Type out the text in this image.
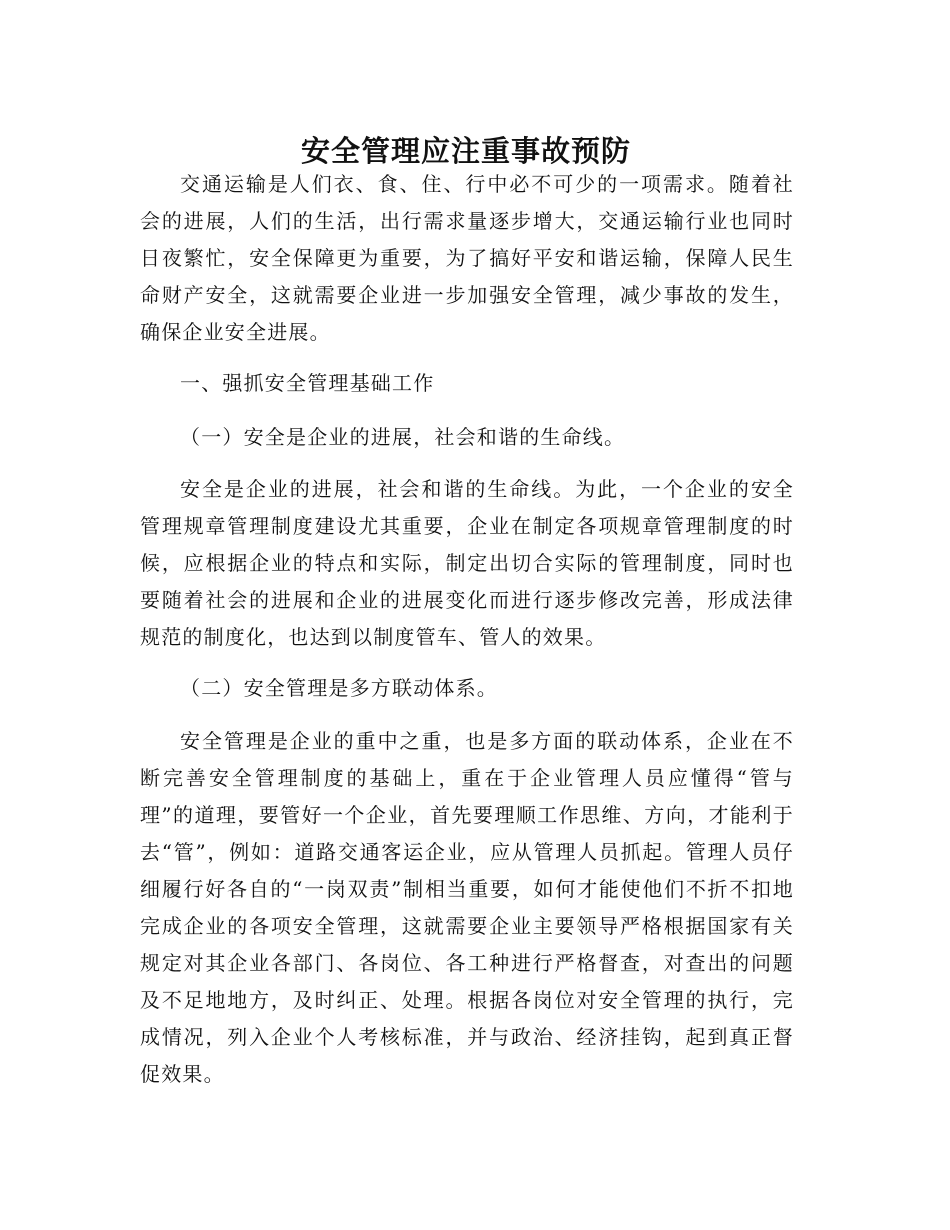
安全管理应注重事故预防

交通运输是人们衣、食、住、行中必不可少的一项需求。随着社会的进展，人们的生活，出行需求量逐步增大，交通运输行业也同时日夜繁忙，安全保障更为重要，为了搞好平安和谐运输，保障人民生命财产安全，这就需要企业进一步加强安全管理，减少事故的发生，确保企业安全进展。

一、强抓安全管理基础工作

（一）安全是企业的进展，社会和谐的生命线。

安全是企业的进展，社会和谐的生命线。为此，一个企业的安全管理规章管理制度建设尤其重要，企业在制定各项规章管理制度的时候，应根据企业的特点和实际，制定出切合实际的管理制度，同时也要随着社会的进展和企业的进展变化而进行逐步修改完善，形成法律规范的制度化，也达到以制度管车、管人的效果。

（二）安全管理是多方联动体系。

安全管理是企业的重中之重，也是多方面的联动体系，企业在不断完善安全管理制度的基础上，重在于企业管理人员应懂得“管与理”的道理，要管好一个企业，首先要理顺工作思维、方向，才能利于去“管”，例如：道路交通客运企业，应从管理人员抓起。管理人员仔细履行好各自的“一岗双责”制相当重要，如何才能使他们不折不扣地完成企业的各项安全管理，这就需要企业主要领导严格根据国家有关规定对其企业各部门、各岗位、各工种进行严格督查，对查出的问题及不足地地方，及时纠正、处理。根据各岗位对安全管理的执行，完成情况，列入企业个人考核标准，并与政治、经济挂钩，起到真正督促效果。
